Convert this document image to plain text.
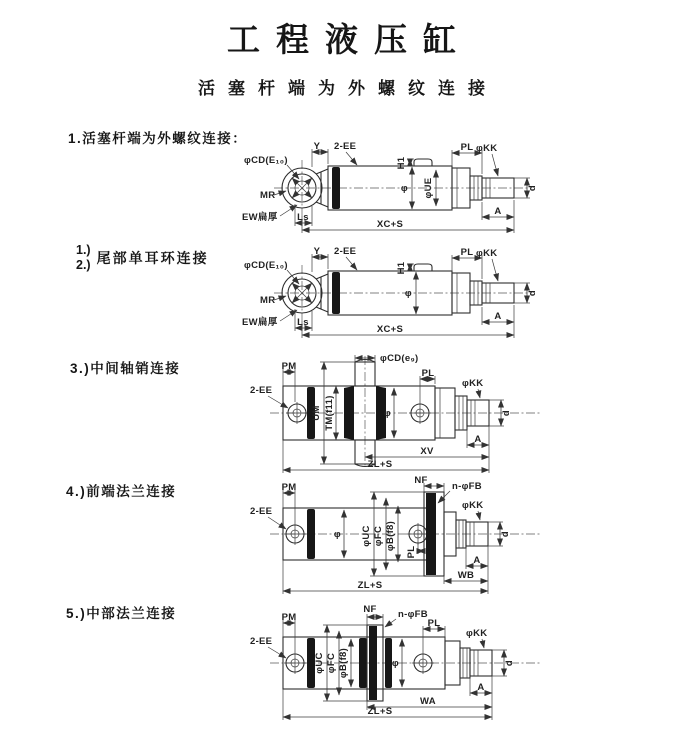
工程液压缸
活塞杆端为外螺纹连接
1.活塞杆端为外螺纹连接：
1.)
2.) 尾部单耳环连接
3.)中间轴销连接
4.)前端法兰连接
5.)中部法兰连接
Y 2-EE
φCD(E₁₀)
MR
EW扁厚 Ls
H1
PL
φ φUE
φKK
d
A
XC+S
Y 2-EE
φCD(E₁₀)
MR
EW扁厚 Ls
H1
PL
φ
φKK
d
A
XC+S
PM
2-EE
φCD(e₉)
UM TM(f11)	φ
PL
φKK
d
A
XV
ZL+S
PM
2-EE
φ φUC φFC φB(f8)
PL
NF
n-φFB
φKK
d
A
WB
ZL+S
PM
2-EE
φUC φFC φB(f8)
NF n-φFB
φ
PL
φKK
d
A
WA
ZL+S
